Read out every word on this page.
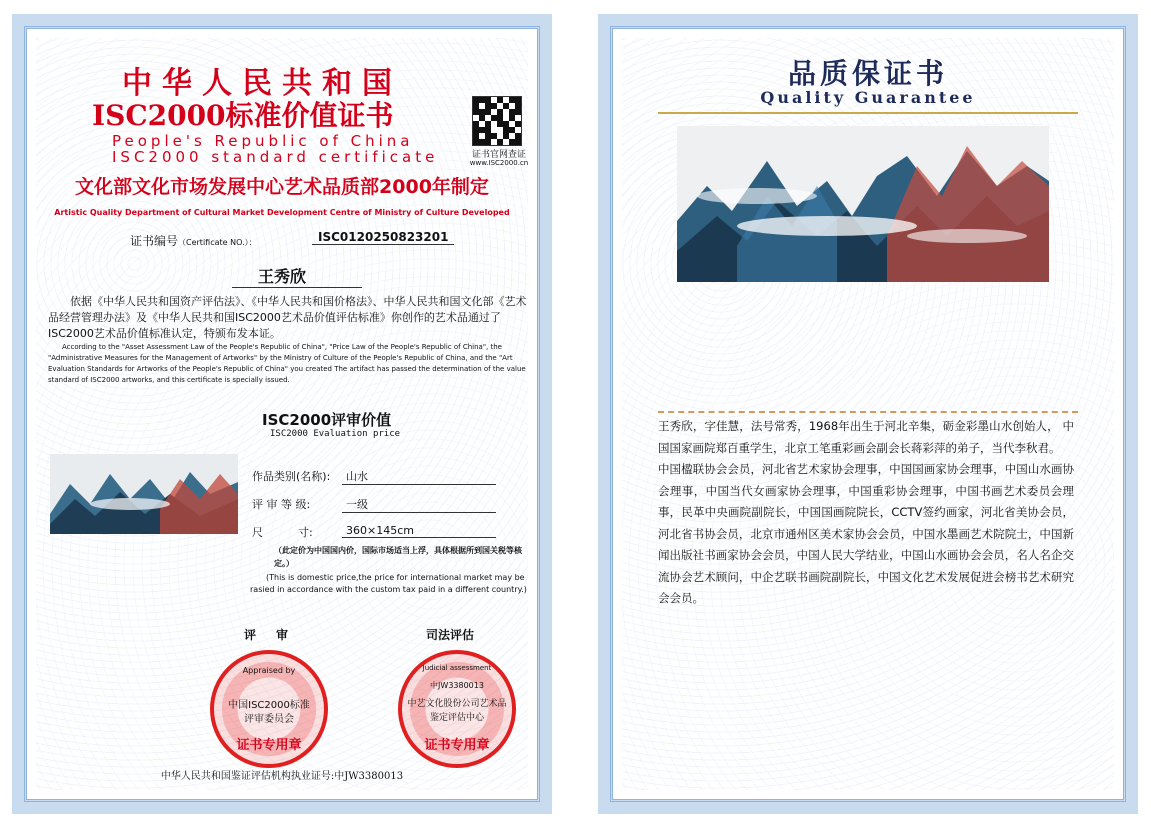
中华人民共和国
ISC2000标准价值证书
People's Republic of China
ISC2000 standard certificate	证书官网查证
www.ISC2000.cn
文化部文化市场发展中心艺术品质部2000年制定
Artistic Quality Department of Cultural Market Development Centre of Ministry of Culture Developed
证书编号（Certificate NO.）：	ISC0120250823201
王秀欣
依据《中华人民共和国资产评估法》、《中华人民共和国价格法》、中华人民共和国文化部《艺术品经营管理办法》及《中华人民共和国ISC2000艺术品价值评估标准》你创作的艺术品通过了ISC2000艺术品价值标准认定，特颁布发本证。
According to the "Asset Assessment Law of the People's Republic of China", "Price Law of the People's Republic of China", the "Administrative Measures for the Management of Artworks" by the Ministry of Culture of the People's Republic of China, and the "Art Evaluation Standards for Artworks of the People's Republic of China" you created The artifact has passed the determination of the value standard of ISC2000 artworks, and this certificate is specially issued.
ISC2000评审价值
ISC2000 Evaluation price
作品类别(名称):	山水
评 审 等 级:	一级
尺          寸:	360×145cm
（此定价为中国国内价，国际市场适当上浮，具体根据所到国关税等核定。）
(This is domestic price,the price for international market may be rasied in accordance with the custom tax paid in a different country.)
评审	司法评估
Appraised by
中国ISC2000标准
评审委员会
证书专用章
Judicial assessment
中JW3380013
中艺文化股份公司艺术品
鉴定评估中心
证书专用章
中华人民共和国鉴证评估机构执业证号:中JW3380013
品质保证书
Quality Guarantee

王秀欣，字佳慧，法号常秀，1968年出生于河北辛集，砺金彩墨山水创始人， 中国国家画院郑百重学生，北京工笔重彩画会副会长蒋彩萍的弟子，当代李秋君。

中国楹联协会会员，河北省艺术家协会理事，中国国画家协会理事，中国山水画协会理事，中国当代女画家协会理事，中国重彩协会理事，中国书画艺术委员会理事，民革中央画院副院长，中国国画院院长，CCTV签约画家，河北省美协会员，河北省书协会员，北京市通州区美术家协会会员，中国水墨画艺术院院士，中国新闻出版社书画家协会会员，中国人民大学结业，中国山水画协会会员，名人名企交流协会艺术顾问，中企艺联书画院副院长，中国文化艺术发展促进会榜书艺术研究会会员。
